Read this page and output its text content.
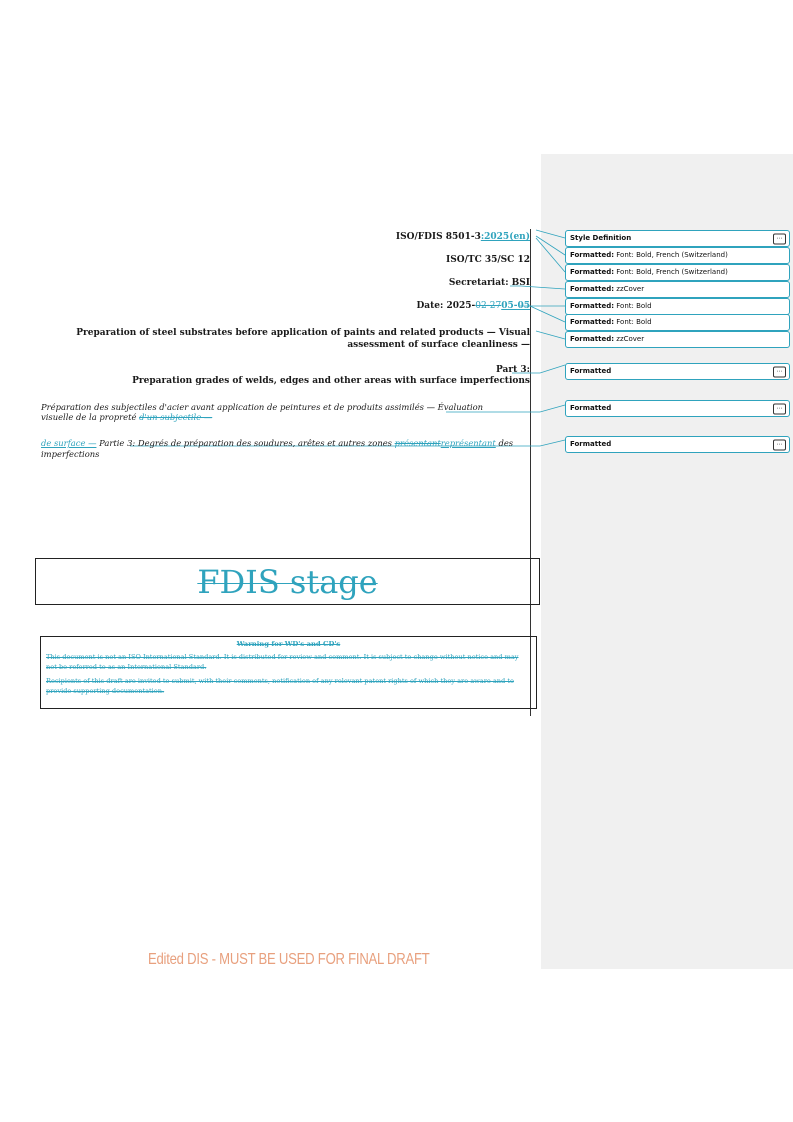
ISO/FDIS 8501-3:2025(en)
ISO/TC 35/SC 12
Secretariat: BSI
Date: 2025-02-2705-05
Preparation of steel substrates before application of paints and related products — Visual
assessment of surface cleanliness —
Part 3:
Preparation grades of welds, edges and other areas with surface imperfections
Préparation des subjectiles d'acier avant application de peintures et de produits assimilés — Évaluation
visuelle de la propreté d'un subjectile —
de surface — Partie 3: Degrés de préparation des soudures, arêtes et autres zones présentantreprésentant des
imperfections
FDIS stage
Warning for WD's and CD's

This document is not an ISO International Standard. It is distributed for review and comment. It is subject to change without notice and may not be referred to as an International Standard.

Recipients of this draft are invited to submit, with their comments, notification of any relevant patent rights of which they are aware and to provide supporting documentation.

Edited DIS - MUST BE USED FOR FINAL DRAFT
Style Definition	...
Formatted: Font: Bold, French (Switzerland)
Formatted: Font: Bold, French (Switzerland)
Formatted: zzCover
Formatted: Font: Bold
Formatted: Font: Bold
Formatted: zzCover
Formatted	...
Formatted	...
Formatted	...
